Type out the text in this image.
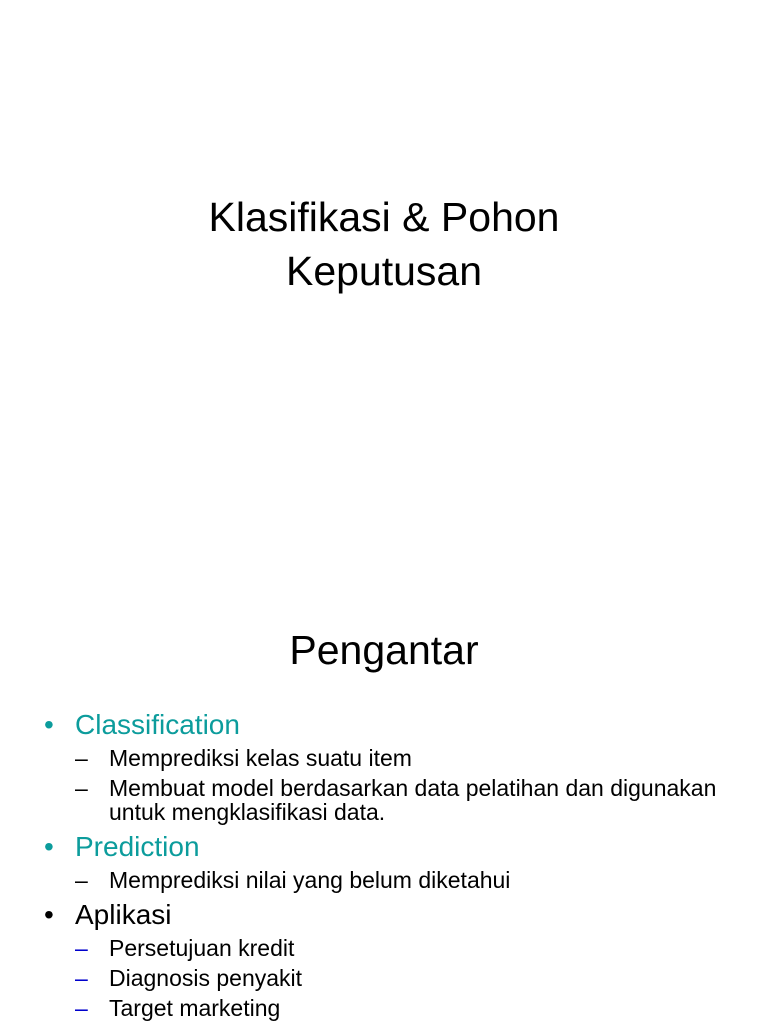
Klasifikasi & Pohon
Keputusan
Pengantar
• Classification
– Memprediksi kelas suatu item
– Membuat model berdasarkan data pelatihan dan digunakan untuk mengklasifikasi data.
• Prediction
– Memprediksi nilai yang belum diketahui
• Aplikasi
– Persetujuan kredit
– Diagnosis penyakit
– Target marketing
